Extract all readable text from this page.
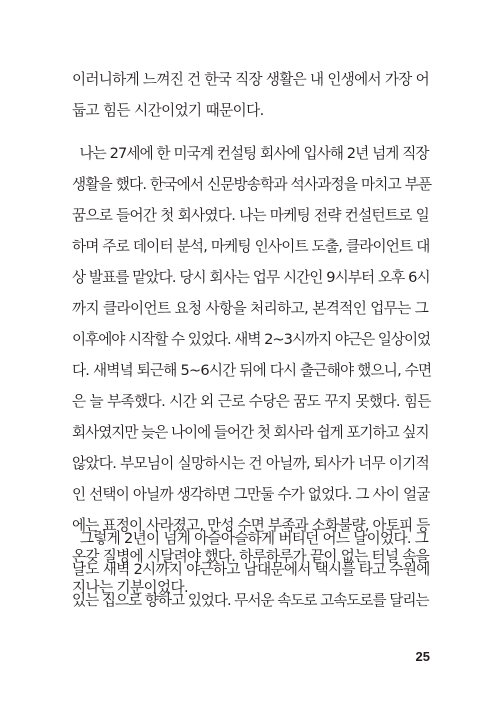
이러니하게 느껴진 건 한국 직장 생활은 내 인생에서 가장 어
둡고 힘든 시간이었기 때문이다.
나는 27세에 한 미국계 컨설팅 회사에 입사해 2년 넘게 직장
생활을 했다. 한국에서 신문방송학과 석사과정을 마치고 부푼
꿈으로 들어간 첫 회사였다. 나는 마케팅 전략 컨설턴트로 일
하며 주로 데이터 분석, 마케팅 인사이트 도출, 클라이언트 대
상 발표를 맡았다. 당시 회사는 업무 시간인 9시부터 오후 6시
까지 클라이언트 요청 사항을 처리하고, 본격적인 업무는 그
이후에야 시작할 수 있었다. 새벽 2~3시까지 야근은 일상이었
다. 새벽녘 퇴근해 5~6시간 뒤에 다시 출근해야 했으니, 수면
은 늘 부족했다. 시간 외 근로 수당은 꿈도 꾸지 못했다. 힘든
회사였지만 늦은 나이에 들어간 첫 회사라 쉽게 포기하고 싶지
않았다. 부모님이 실망하시는 건 아닐까, 퇴사가 너무 이기적
인 선택이 아닐까 생각하면 그만둘 수가 없었다. 그 사이 얼굴
에는 표정이 사라졌고, 만성 수면 부족과 소화불량, 아토피 등
온갖 질병에 시달려야 했다. 하루하루가 끝이 없는 터널 속을
지나는 기분이었다.
그렇게 2년이 넘게 아슬아슬하게 버티던 어느 날이었다. 그
날도 새벽 2시까지 야근하고 남대문에서 택시를 타고 수원에
있는 집으로 향하고 있었다. 무서운 속도로 고속도로를 달리는
25
